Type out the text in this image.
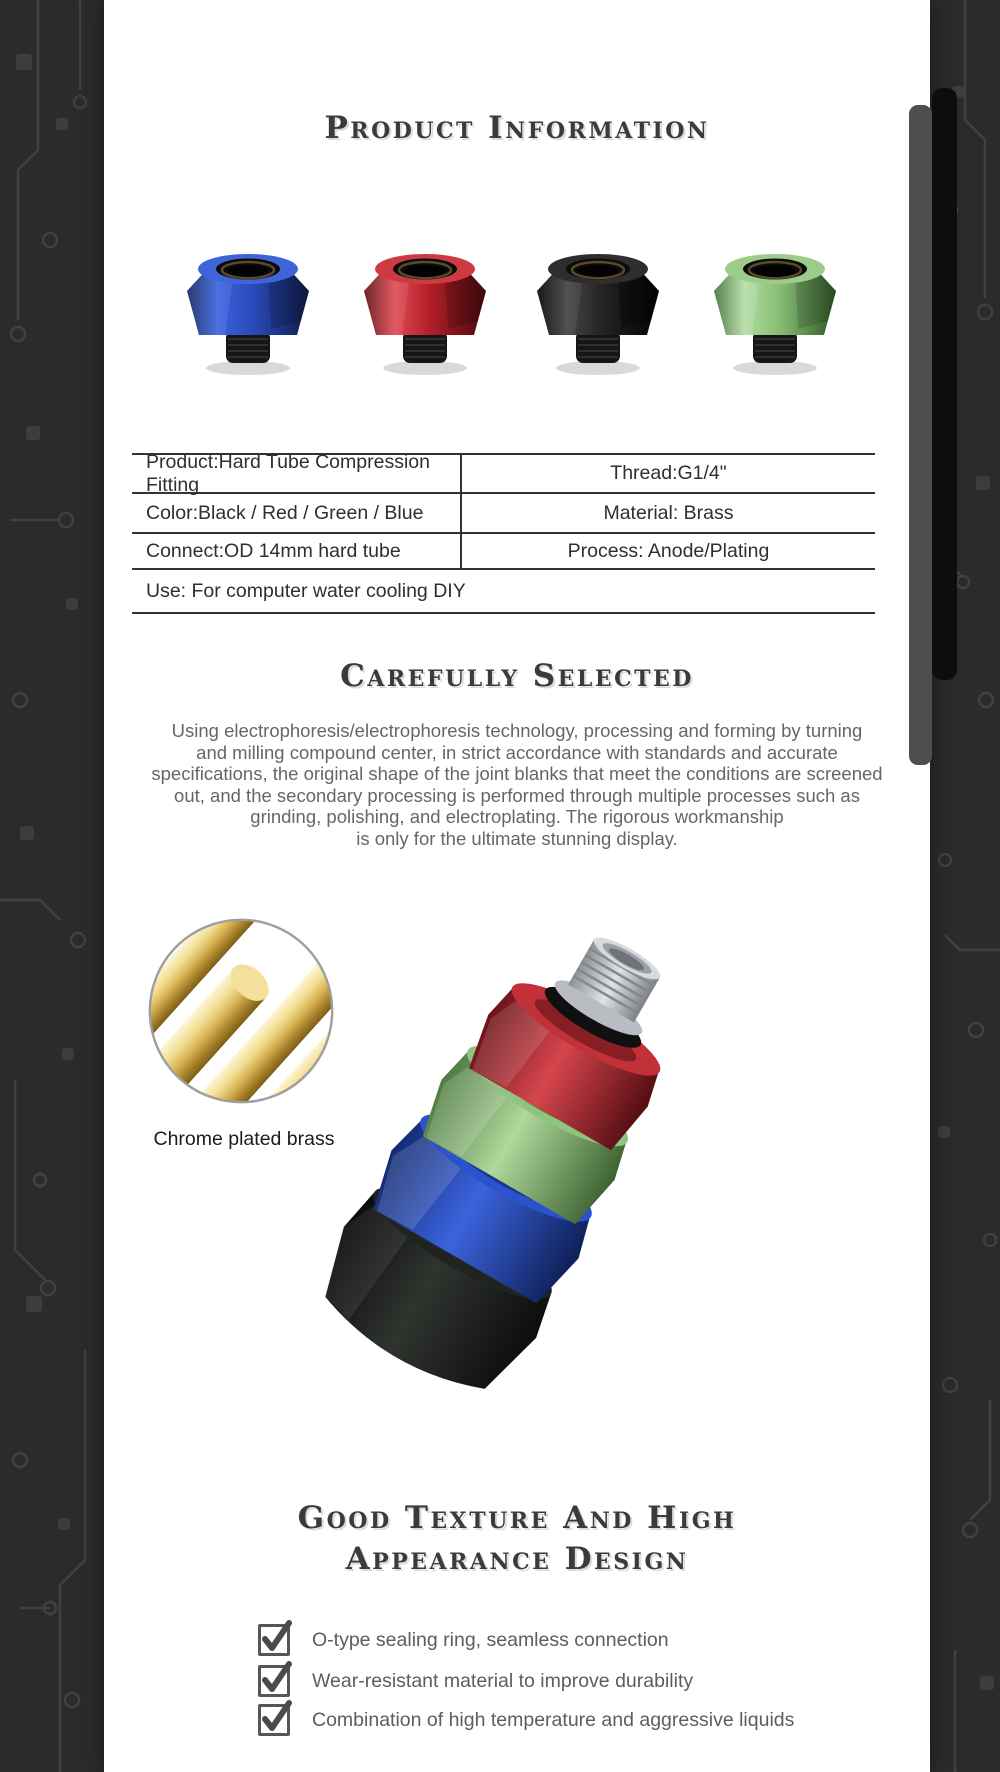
Product Information
Product:Hard Tube Compression Fitting
Thread:G1/4"
Color:Black / Red / Green / Blue	Material: Brass
Connect:OD 14mm hard tube	Process: Anode/Plating
Use: For computer water cooling DIY
Carefully Selected
Using electrophoresis/electrophoresis technology, processing and forming by turning
and milling compound center, in strict accordance with standards and accurate
specifications, the original shape of the joint blanks that meet the conditions are screened
out, and the secondary processing is performed through multiple processes such as
grinding, polishing, and electroplating. The rigorous workmanship
is only for the ultimate stunning display.
Chrome plated brass
Good Texture And High
Appearance Design
O-type sealing ring, seamless connection
Wear-resistant material to improve durability
Combination of high temperature and aggressive liquids
